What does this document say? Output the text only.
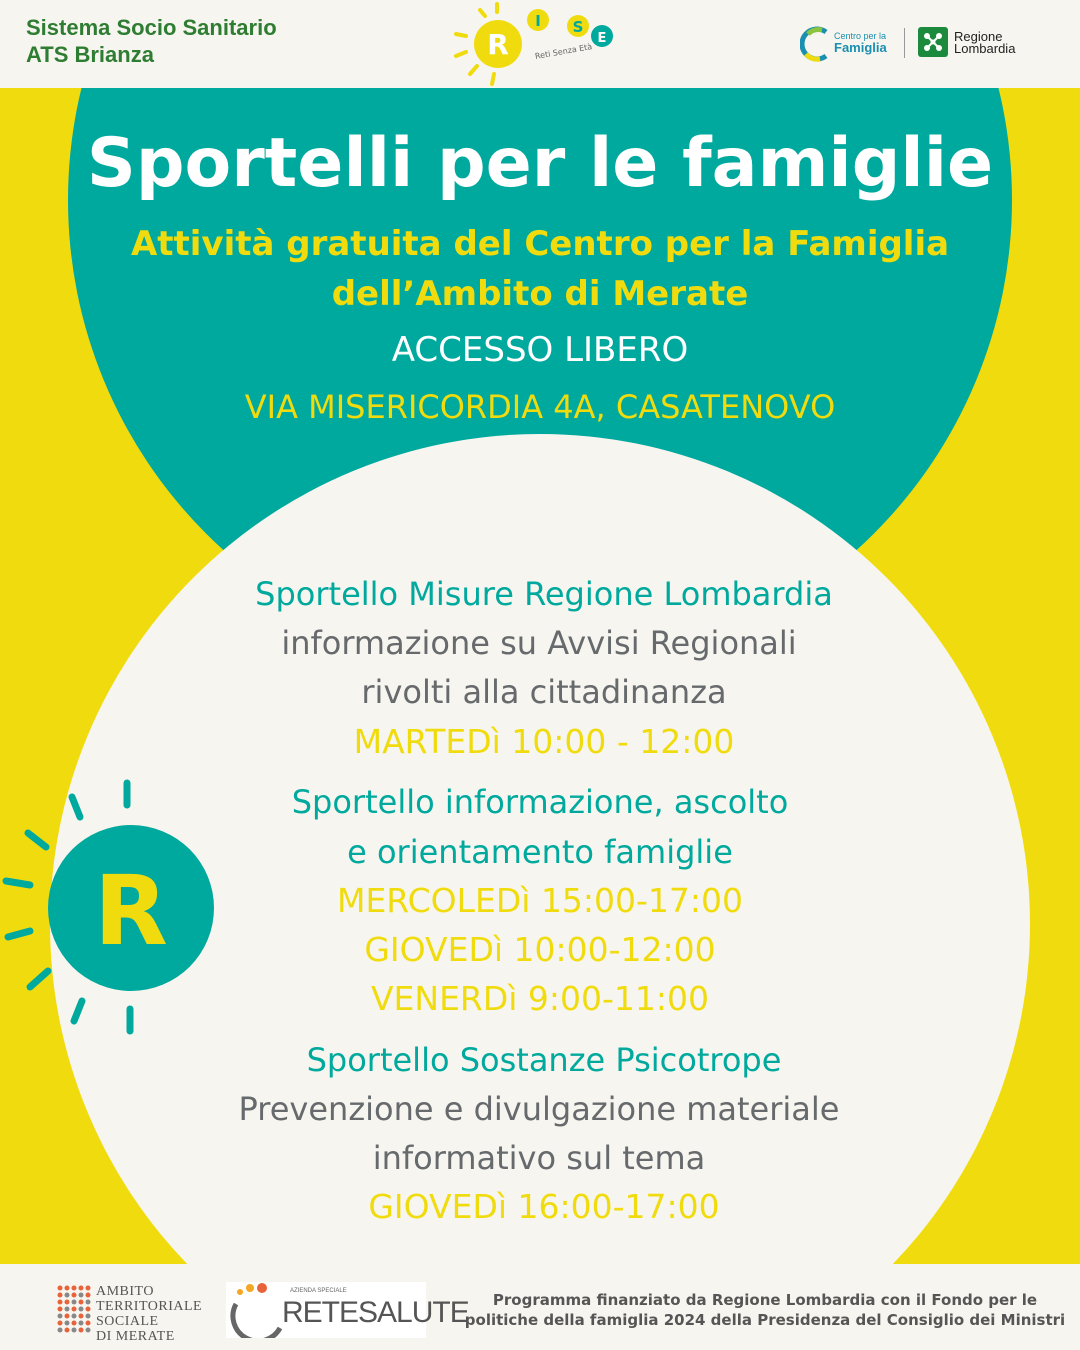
Sistema Socio Sanitario
ATS Brianza	R
I S
E
Reti Senza Età
Centro per la
Famiglia
Regione
Lombardia
Sportelli per le famiglie
Attività gratuita del Centro per la Famiglia
dell’Ambito di Merate
ACCESSO LIBERO
VIA MISERICORDIA 4A, CASATENOVO
Sportello Misure Regione Lombardia
informazione su Avvisi Regionali
rivolti alla cittadinanza
MARTEDì 10:00 - 12:00
Sportello informazione, ascolto
e orientamento famiglie
MERCOLEDì 15:00-17:00
GIOVEDì 10:00-12:00
VENERDì 9:00-11:00
Sportello Sostanze Psicotrope
Prevenzione e divulgazione materiale
informativo sul tema
GIOVEDì 16:00-17:00
R
AMBITO
TERRITORIALE
SOCIALE
DI MERATE
AZIENDA SPECIALE
RETESALUTE	Programma finanziato da Regione Lombardia con il Fondo per le
politiche della famiglia 2024 della Presidenza del Consiglio dei Ministri
